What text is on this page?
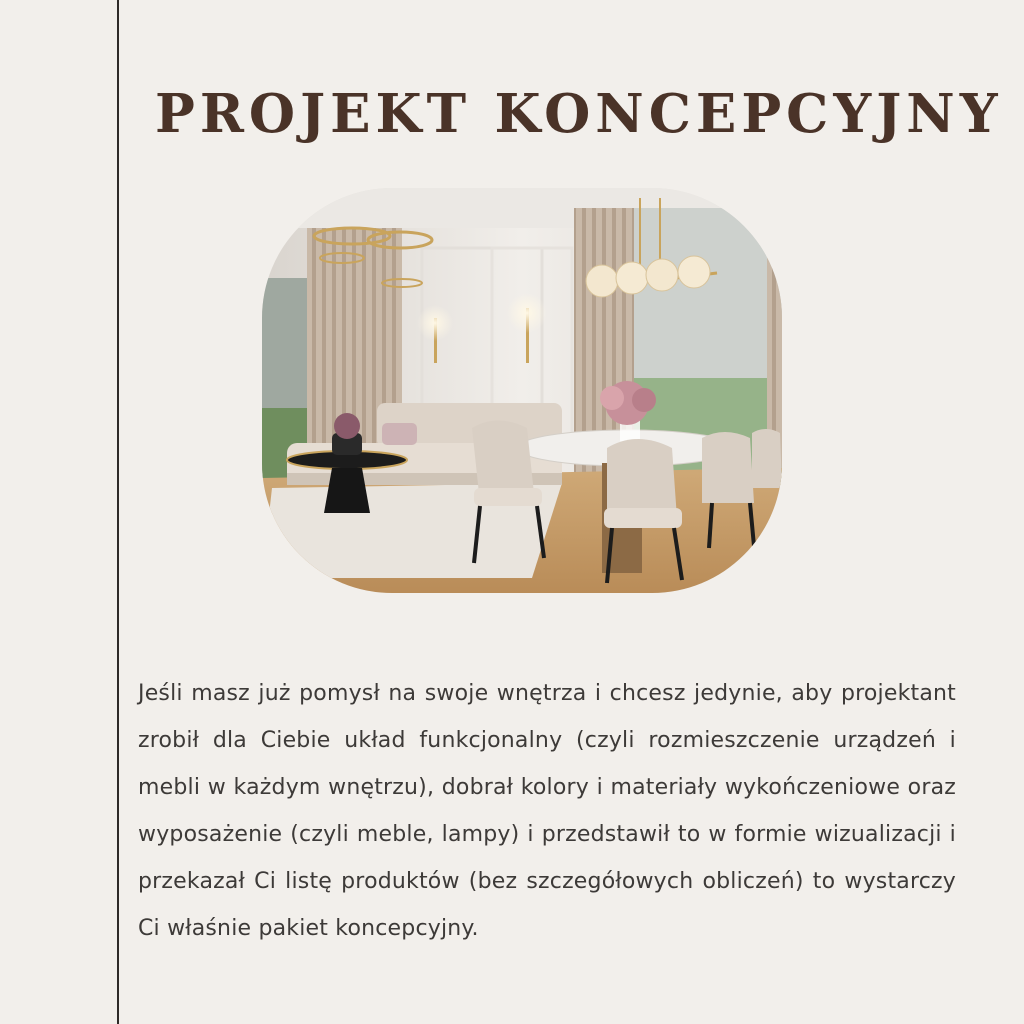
PROJEKT KONCEPCYJNY

Jeśli masz już pomysł na swoje wnętrza i chcesz jedynie, aby projektant zrobił dla Ciebie układ funkcjonalny (czyli rozmieszczenie urządzeń i mebli w każdym wnętrzu), dobrał kolory i materiały wykończeniowe oraz wyposażenie (czyli meble, lampy) i przedstawił to w formie wizualizacji i przekazał Ci listę produktów (bez szczegółowych obliczeń) to wystarczy Ci właśnie pakiet koncepcyjny.
